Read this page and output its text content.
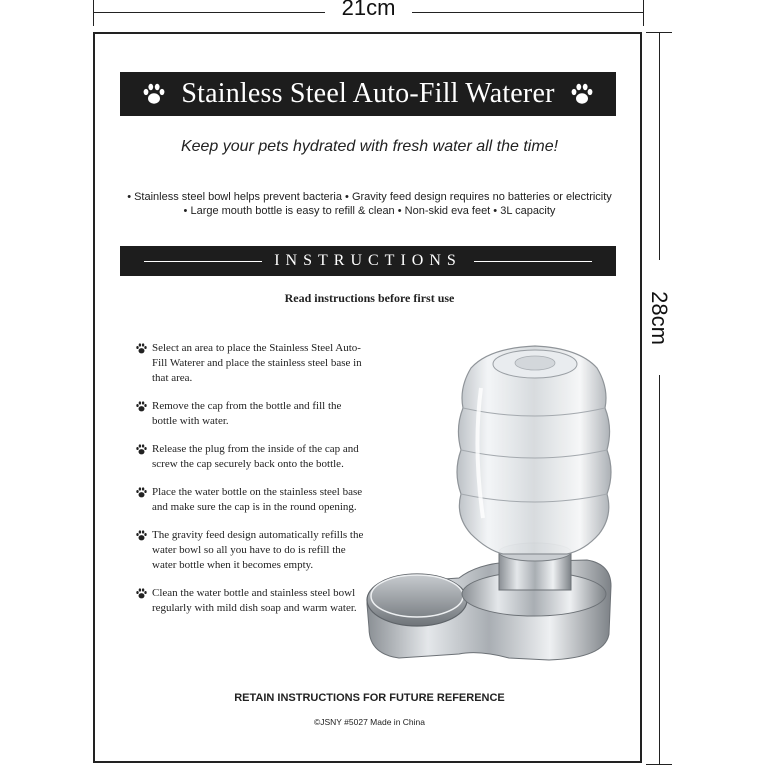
21cm
28cm
Stainless Steel Auto-Fill Waterer
Keep your pets hydrated with fresh water all the time!
• Stainless steel bowl helps prevent bacteria • Gravity feed design requires no batteries or electricity
• Large mouth bottle is easy to refill & clean • Non-skid eva feet • 3L capacity
INSTRUCTIONS
Read instructions before first use
Select an area to place the Stainless Steel Auto-Fill Waterer and place the stainless steel base in that area.
Remove the cap from the bottle and fill the bottle with water.
Release the plug from the inside of the cap and screw the cap securely back onto the bottle.
Place the water bottle on the stainless steel base and make sure the cap is in the round opening.
The gravity feed design automatically refills the water bowl so all you have to do is refill the water bottle when it becomes empty.
Clean the water bottle and stainless steel bowl regularly with mild dish soap and warm water.
RETAIN INSTRUCTIONS FOR FUTURE REFERENCE
©JSNY #5027 Made in China
